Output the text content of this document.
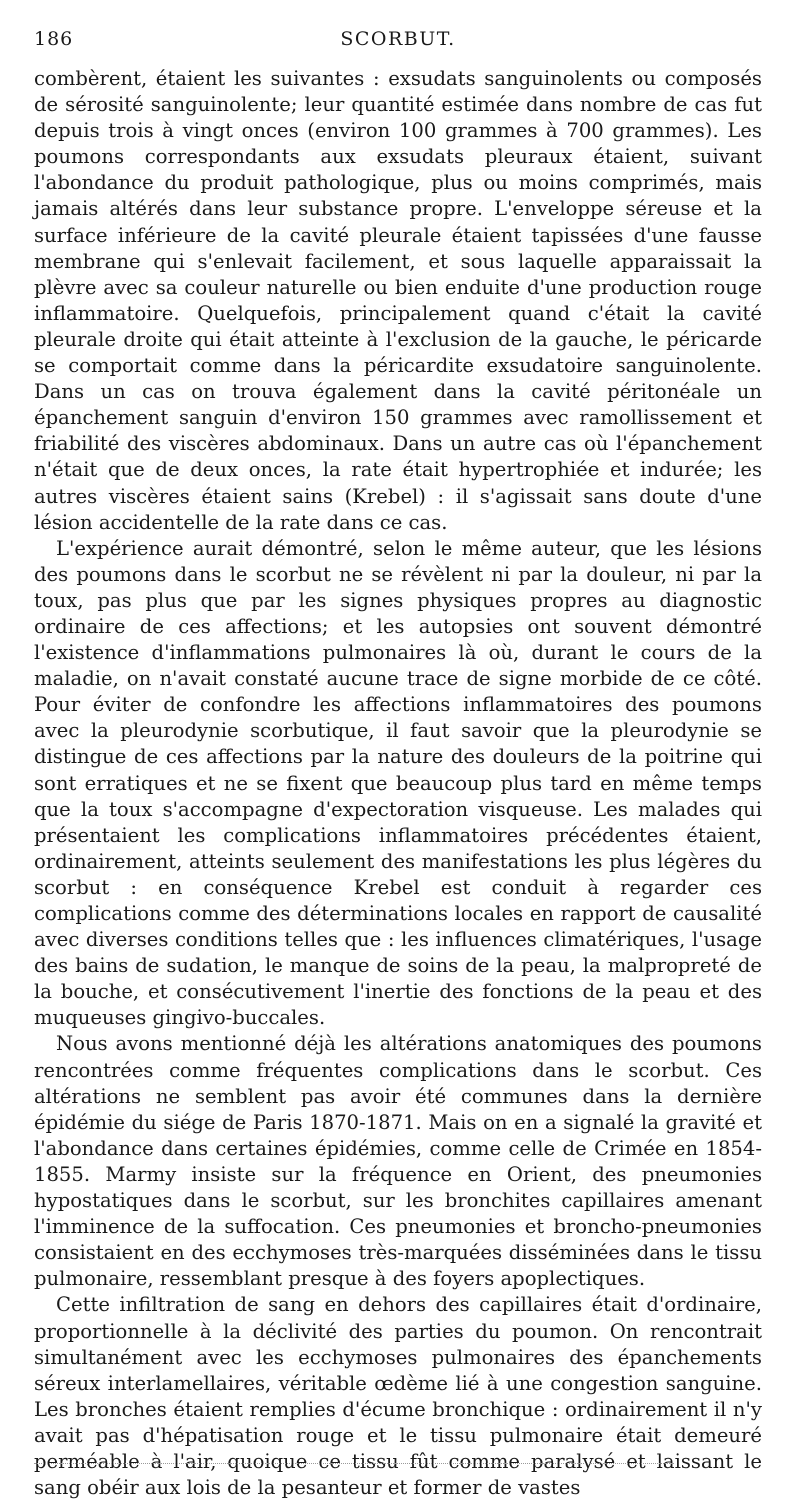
186	SCORBUT.

combèrent, étaient les suivantes : exsudats sanguinolents ou composés de sérosité sanguinolente; leur quantité estimée dans nombre de cas fut depuis trois à vingt onces (environ 100 grammes à 700 grammes). Les poumons correspondants aux exsudats pleuraux étaient, suivant l'abondance du produit pathologique, plus ou moins comprimés, mais jamais altérés dans leur substance propre. L'enveloppe séreuse et la surface inférieure de la cavité pleurale étaient tapissées d'une fausse membrane qui s'enlevait facilement, et sous laquelle apparaissait la plèvre avec sa couleur naturelle ou bien enduite d'une production rouge inflammatoire. Quelquefois, principalement quand c'était la cavité pleurale droite qui était atteinte à l'exclusion de la gauche, le péricarde se comportait comme dans la péricardite exsudatoire sanguinolente. Dans un cas on trouva également dans la cavité péritonéale un épanchement sanguin d'environ 150 grammes avec ramollissement et friabilité des viscères abdominaux. Dans un autre cas où l'épanchement n'était que de deux onces, la rate était hypertrophiée et indurée; les autres viscères étaient sains (Krebel) : il s'agissait sans doute d'une lésion accidentelle de la rate dans ce cas.

L'expérience aurait démontré, selon le même auteur, que les lésions des poumons dans le scorbut ne se révèlent ni par la douleur, ni par la toux, pas plus que par les signes physiques propres au diagnostic ordinaire de ces affections; et les autopsies ont souvent démontré l'existence d'inflammations pulmonaires là où, durant le cours de la maladie, on n'avait constaté aucune trace de signe morbide de ce côté. Pour éviter de confondre les affections inflammatoires des poumons avec la pleurodynie scorbutique, il faut savoir que la pleurodynie se distingue de ces affections par la nature des douleurs de la poitrine qui sont erratiques et ne se fixent que beaucoup plus tard en même temps que la toux s'accompagne d'expectoration visqueuse. Les malades qui présentaient les complications inflammatoires précédentes étaient, ordinairement, atteints seulement des manifestations les plus légères du scorbut : en conséquence Krebel est conduit à regarder ces complications comme des déterminations locales en rapport de causalité avec diverses conditions telles que : les influences climatériques, l'usage des bains de sudation, le manque de soins de la peau, la malpropreté de la bouche, et consécutivement l'inertie des fonctions de la peau et des muqueuses gingivo-buccales.

Nous avons mentionné déjà les altérations anatomiques des poumons rencontrées comme fréquentes complications dans le scorbut. Ces altérations ne semblent pas avoir été communes dans la dernière épidémie du siége de Paris 1870-1871. Mais on en a signalé la gravité et l'abondance dans certaines épidémies, comme celle de Crimée en 1854-1855. Marmy insiste sur la fréquence en Orient, des pneumonies hypostatiques dans le scorbut, sur les bronchites capillaires amenant l'imminence de la suffocation. Ces pneumonies et broncho-pneumonies consistaient en des ecchymoses très-marquées disséminées dans le tissu pulmonaire, ressemblant presque à des foyers apoplectiques.

Cette infiltration de sang en dehors des capillaires était d'ordinaire, proportionnelle à la déclivité des parties du poumon. On rencontrait simultanément avec les ecchymoses pulmonaires des épanchements séreux interlamellaires, véritable œdème lié à une congestion sanguine. Les bronches étaient remplies d'écume bronchique : ordinairement il n'y avait pas d'hépatisation rouge et le tissu pulmonaire était demeuré perméable à l'air, quoique ce tissu fût comme paralysé et laissant le sang obéir aux lois de la pesanteur et former de vastes
